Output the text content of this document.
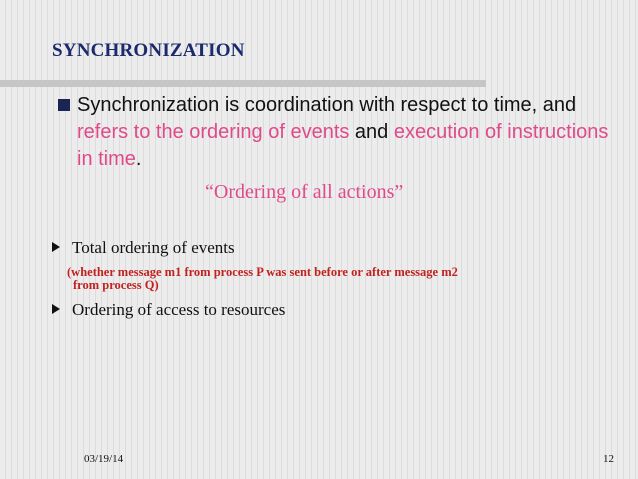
SYNCHRONIZATION
Synchronization is coordination with respect to time, and refers to the ordering of events and execution of instructions in time.
“Ordering of all actions”
Total ordering of events
(whether message m1 from process P was sent before or after message m2
from process Q)
Ordering of access to resources
03/19/14	12
